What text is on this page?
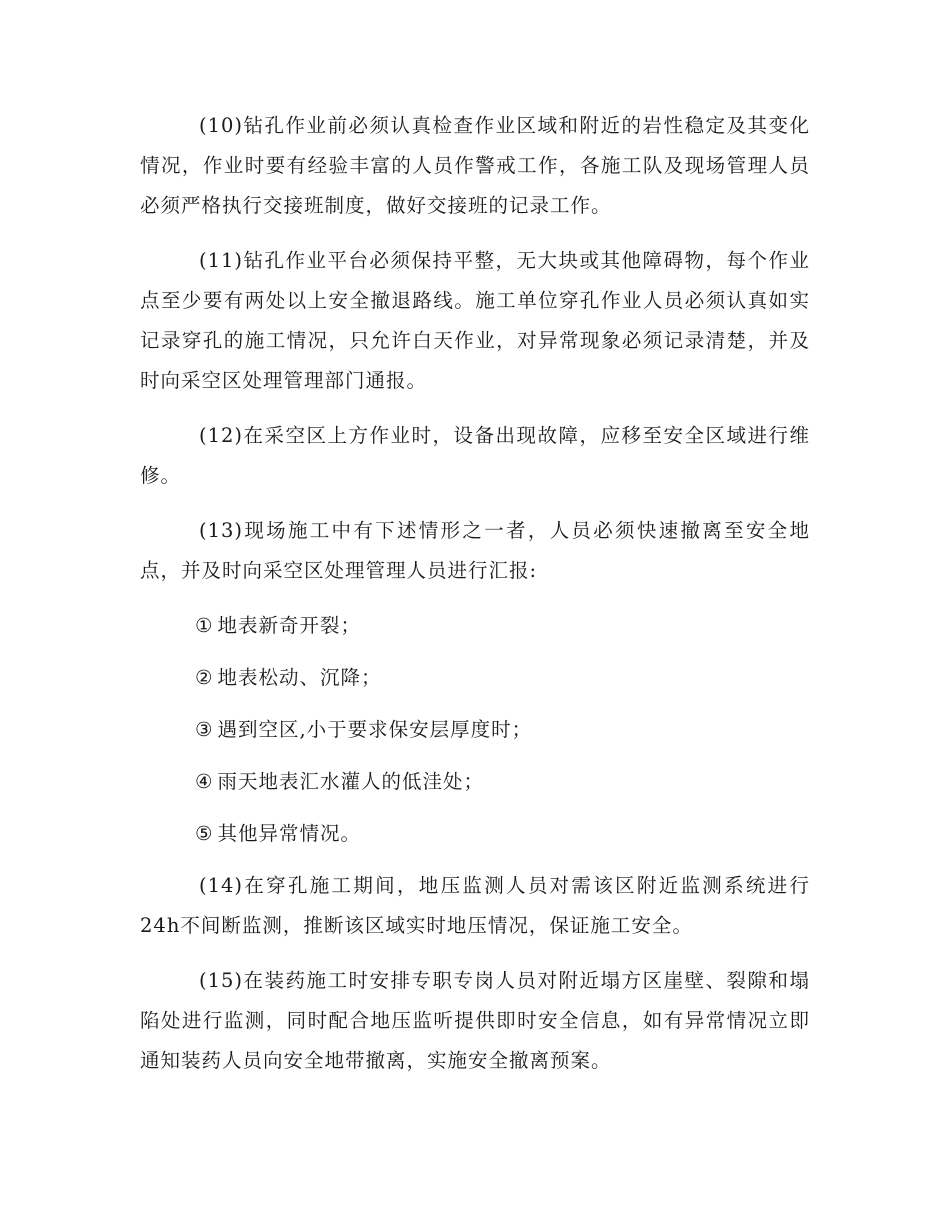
(10)钻孔作业前必须认真检查作业区域和附近的岩性稳定及其变化情况，作业时要有经验丰富的人员作警戒工作，各施工队及现场管理人员必须严格执行交接班制度，做好交接班的记录工作。

(11)钻孔作业平台必须保持平整，无大块或其他障碍物，每个作业点至少要有两处以上安全撤退路线。施工单位穿孔作业人员必须认真如实记录穿孔的施工情况，只允许白天作业，对异常现象必须记录清楚，并及时向采空区处理管理部门通报。

(12)在采空区上方作业时，设备出现故障，应移至安全区域进行维修。

(13)现场施工中有下述情形之一者，人员必须快速撤离至安全地点，并及时向采空区处理管理人员进行汇报:

① 地表新奇开裂；
② 地表松动、沉降；
③ 遇到空区,小于要求保安层厚度时；
④ 雨天地表汇水灌人的低洼处；
⑤ 其他异常情况。

(14)在穿孔施工期间，地压监测人员对需该区附近监测系统进行24h不间断监测，推断该区域实时地压情况，保证施工安全。

(15)在装药施工时安排专职专岗人员对附近塌方区崖壁、裂隙和塌陷处进行监测，同时配合地压监听提供即时安全信息，如有异常情况立即通知装药人员向安全地带撤离，实施安全撤离预案。
